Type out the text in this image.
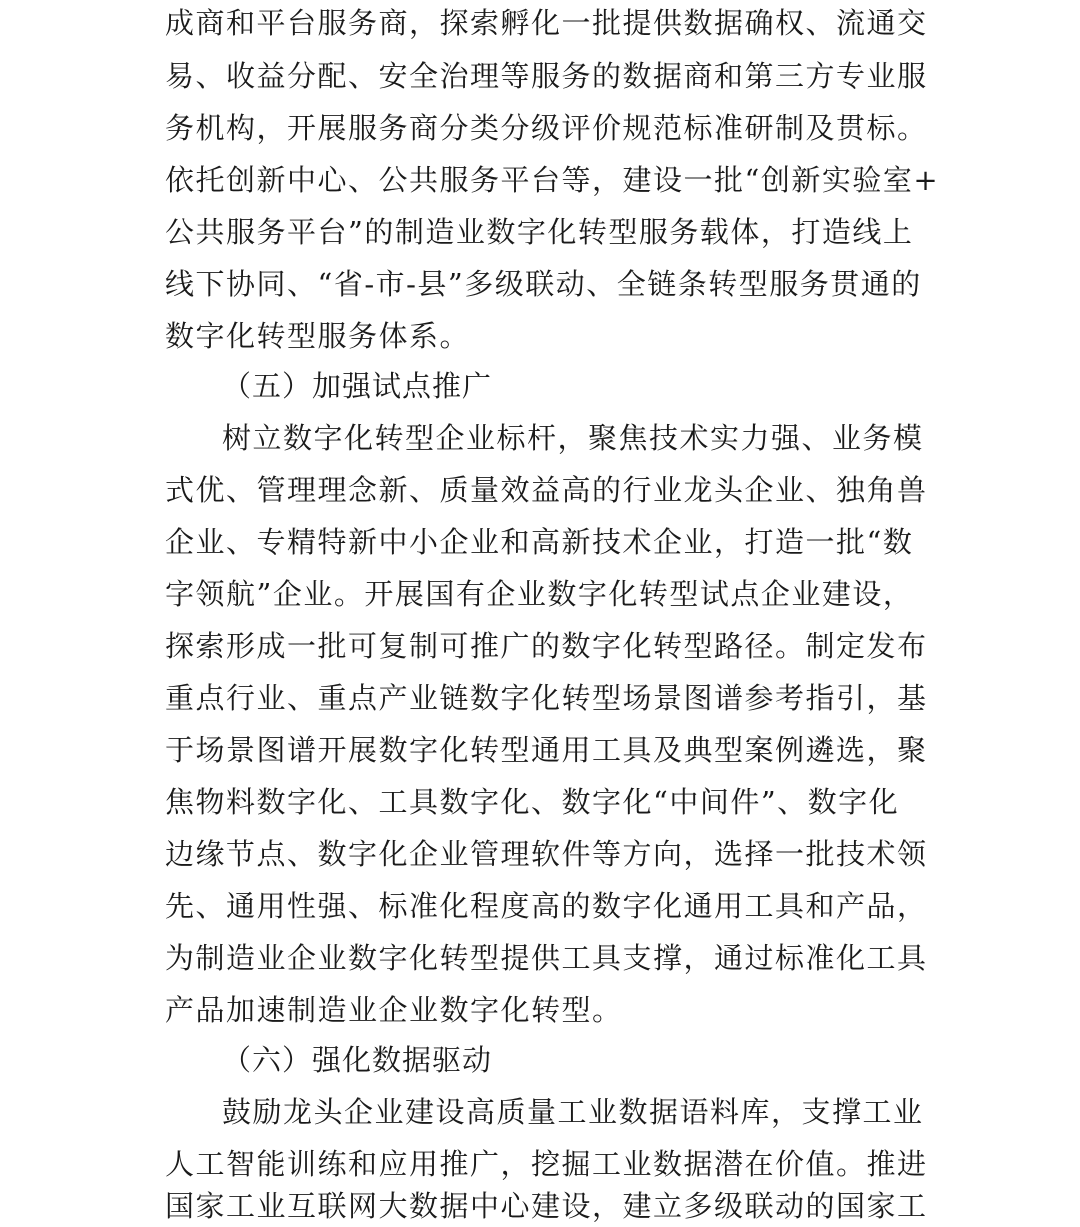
成商和平台服务商，探索孵化一批提供数据确权、流通交

易、收益分配、安全治理等服务的数据商和第三方专业服

务机构，开展服务商分类分级评价规范标准研制及贯标。

依托创新中心、公共服务平台等，建设一批“创新实验室+

公共服务平台”的制造业数字化转型服务载体，打造线上

线下协同、“省-市-县”多级联动、全链条转型服务贯通的

数字化转型服务体系。

（五）加强试点推广

树立数字化转型企业标杆，聚焦技术实力强、业务模

式优、管理理念新、质量效益高的行业龙头企业、独角兽

企业、专精特新中小企业和高新技术企业，打造一批“数

字领航”企业。开展国有企业数字化转型试点企业建设，

探索形成一批可复制可推广的数字化转型路径。制定发布

重点行业、重点产业链数字化转型场景图谱参考指引，基

于场景图谱开展数字化转型通用工具及典型案例遴选，聚

焦物料数字化、工具数字化、数字化“中间件”、数字化

边缘节点、数字化企业管理软件等方向，选择一批技术领

先、通用性强、标准化程度高的数字化通用工具和产品，

为制造业企业数字化转型提供工具支撑，通过标准化工具

产品加速制造业企业数字化转型。

（六）强化数据驱动

鼓励龙头企业建设高质量工业数据语料库，支撑工业

人工智能训练和应用推广，挖掘工业数据潜在价值。推进

国家工业互联网大数据中心建设，建立多级联动的国家工
